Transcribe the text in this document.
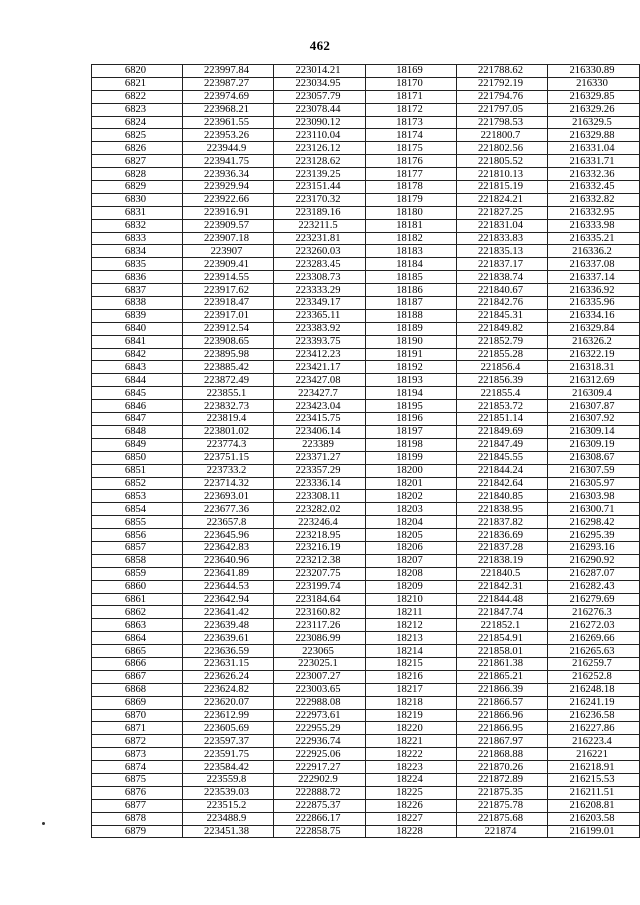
462
6820	223997.84	223014.21	18169	221788.62	216330.89
6821	223987.27	223034.95	18170	221792.19	216330
6822	223974.69	223057.79	18171	221794.76	216329.85
6823	223968.21	223078.44	18172	221797.05	216329.26
6824	223961.55	223090.12	18173	221798.53	216329.5
6825	223953.26	223110.04	18174	221800.7	216329.88
6826	223944.9	223126.12	18175	221802.56	216331.04
6827	223941.75	223128.62	18176	221805.52	216331.71
6828	223936.34	223139.25	18177	221810.13	216332.36
6829	223929.94	223151.44	18178	221815.19	216332.45
6830	223922.66	223170.32	18179	221824.21	216332.82
6831	223916.91	223189.16	18180	221827.25	216332.95
6832	223909.57	223211.5	18181	221831.04	216333.98
6833	223907.18	223231.81	18182	221833.83	216335.21
6834	223907	223260.03	18183	221835.13	216336.2
6835	223909.41	223283.45	18184	221837.17	216337.08
6836	223914.55	223308.73	18185	221838.74	216337.14
6837	223917.62	223333.29	18186	221840.67	216336.92
6838	223918.47	223349.17	18187	221842.76	216335.96
6839	223917.01	223365.11	18188	221845.31	216334.16
6840	223912.54	223383.92	18189	221849.82	216329.84
6841	223908.65	223393.75	18190	221852.79	216326.2
6842	223895.98	223412.23	18191	221855.28	216322.19
6843	223885.42	223421.17	18192	221856.4	216318.31
6844	223872.49	223427.08	18193	221856.39	216312.69
6845	223855.1	223427.7	18194	221855.4	216309.4
6846	223832.73	223423.04	18195	221853.72	216307.87
6847	223819.4	223415.75	18196	221851.14	216307.92
6848	223801.02	223406.14	18197	221849.69	216309.14
6849	223774.3	223389	18198	221847.49	216309.19
6850	223751.15	223371.27	18199	221845.55	216308.67
6851	223733.2	223357.29	18200	221844.24	216307.59
6852	223714.32	223336.14	18201	221842.64	216305.97
6853	223693.01	223308.11	18202	221840.85	216303.98
6854	223677.36	223282.02	18203	221838.95	216300.71
6855	223657.8	223246.4	18204	221837.82	216298.42
6856	223645.96	223218.95	18205	221836.69	216295.39
6857	223642.83	223216.19	18206	221837.28	216293.16
6858	223640.96	223212.38	18207	221838.19	216290.92
6859	223641.89	223207.75	18208	221840.5	216287.07
6860	223644.53	223199.74	18209	221842.31	216282.43
6861	223642.94	223184.64	18210	221844.48	216279.69
6862	223641.42	223160.82	18211	221847.74	216276.3
6863	223639.48	223117.26	18212	221852.1	216272.03
6864	223639.61	223086.99	18213	221854.91	216269.66
6865	223636.59	223065	18214	221858.01	216265.63
6866	223631.15	223025.1	18215	221861.38	216259.7
6867	223626.24	223007.27	18216	221865.21	216252.8
6868	223624.82	223003.65	18217	221866.39	216248.18
6869	223620.07	222988.08	18218	221866.57	216241.19
6870	223612.99	222973.61	18219	221866.96	216236.58
6871	223605.69	222955.29	18220	221866.95	216227.86
6872	223597.37	222936.74	18221	221867.97	216223.4
6873	223591.75	222925.06	18222	221868.88	216221
6874	223584.42	222917.27	18223	221870.26	216218.91
6875	223559.8	222902.9	18224	221872.89	216215.53
6876	223539.03	222888.72	18225	221875.35	216211.51
6877	223515.2	222875.37	18226	221875.78	216208.81
6878	223488.9	222866.17	18227	221875.68	216203.58
6879	223451.38	222858.75	18228	221874	216199.01
